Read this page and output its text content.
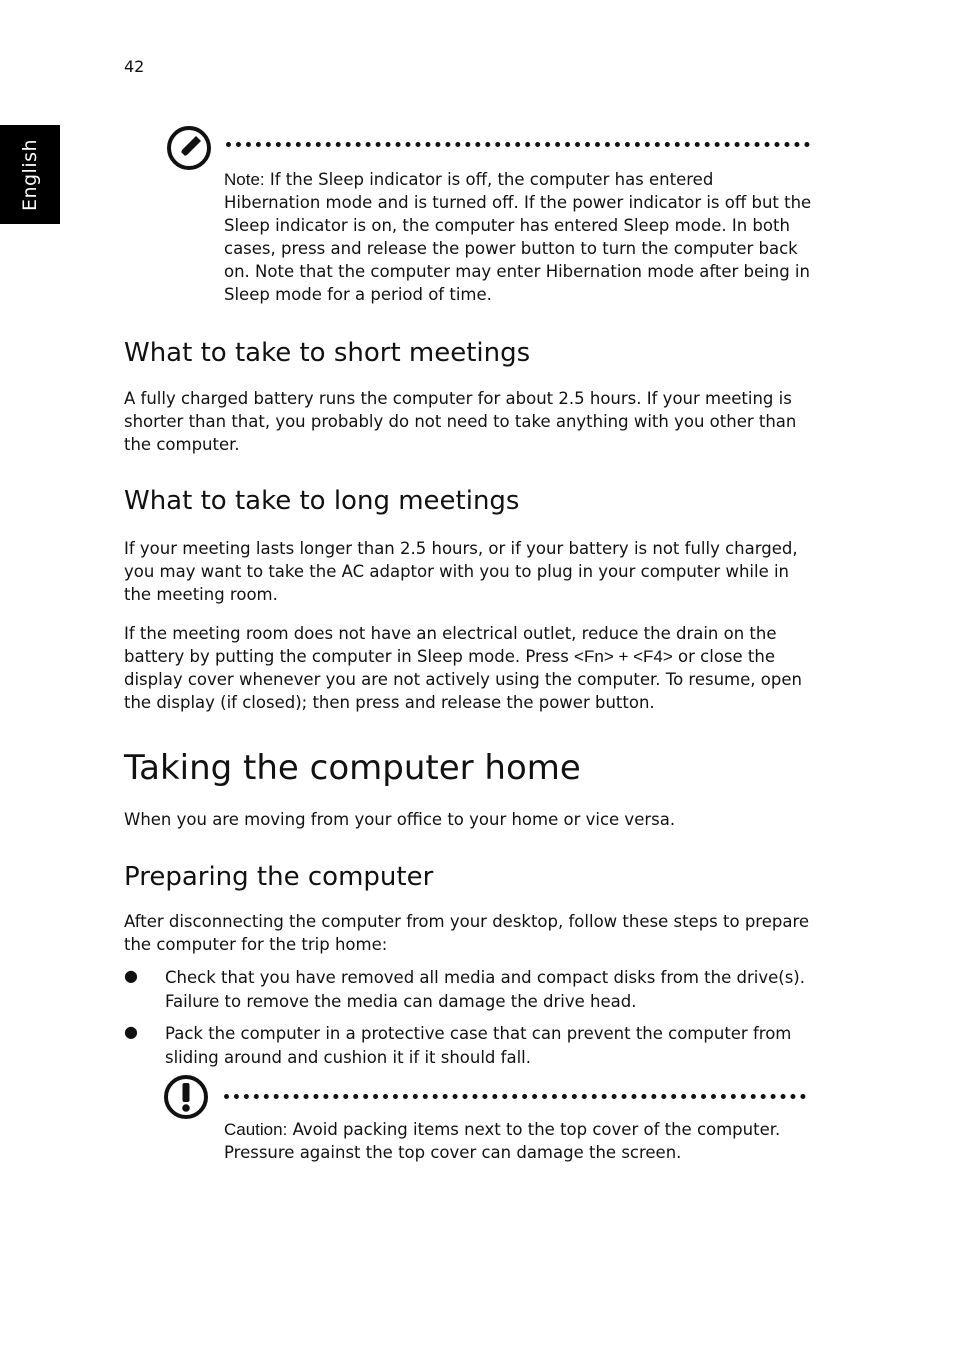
42
English	Note: If the Sleep indicator is off, the computer has entered Hibernation mode and is turned off. If the power indicator is off but the Sleep indicator is on, the computer has entered Sleep mode. In both cases, press and release the power button to turn the computer back on. Note that the computer may enter Hibernation mode after being in Sleep mode for a period of time.

What to take to short meetings

A fully charged battery runs the computer for about 2.5 hours. If your meeting is shorter than that, you probably do not need to take anything with you other than the computer.

What to take to long meetings

If your meeting lasts longer than 2.5 hours, or if your battery is not fully charged, you may want to take the AC adaptor with you to plug in your computer while in the meeting room.

If the meeting room does not have an electrical outlet, reduce the drain on the battery by putting the computer in Sleep mode. Press <Fn> + <F4> or close the display cover whenever you are not actively using the computer. To resume, open the display (if closed); then press and release the power button.

Taking the computer home

When you are moving from your office to your home or vice versa.

Preparing the computer

After disconnecting the computer from your desktop, follow these steps to prepare the computer for the trip home:

● Check that you have removed all media and compact disks from the drive(s). Failure to remove the media can damage the drive head.

● Pack the computer in a protective case that can prevent the computer from sliding around and cushion it if it should fall.

Caution: Avoid packing items next to the top cover of the computer. Pressure against the top cover can damage the screen.
